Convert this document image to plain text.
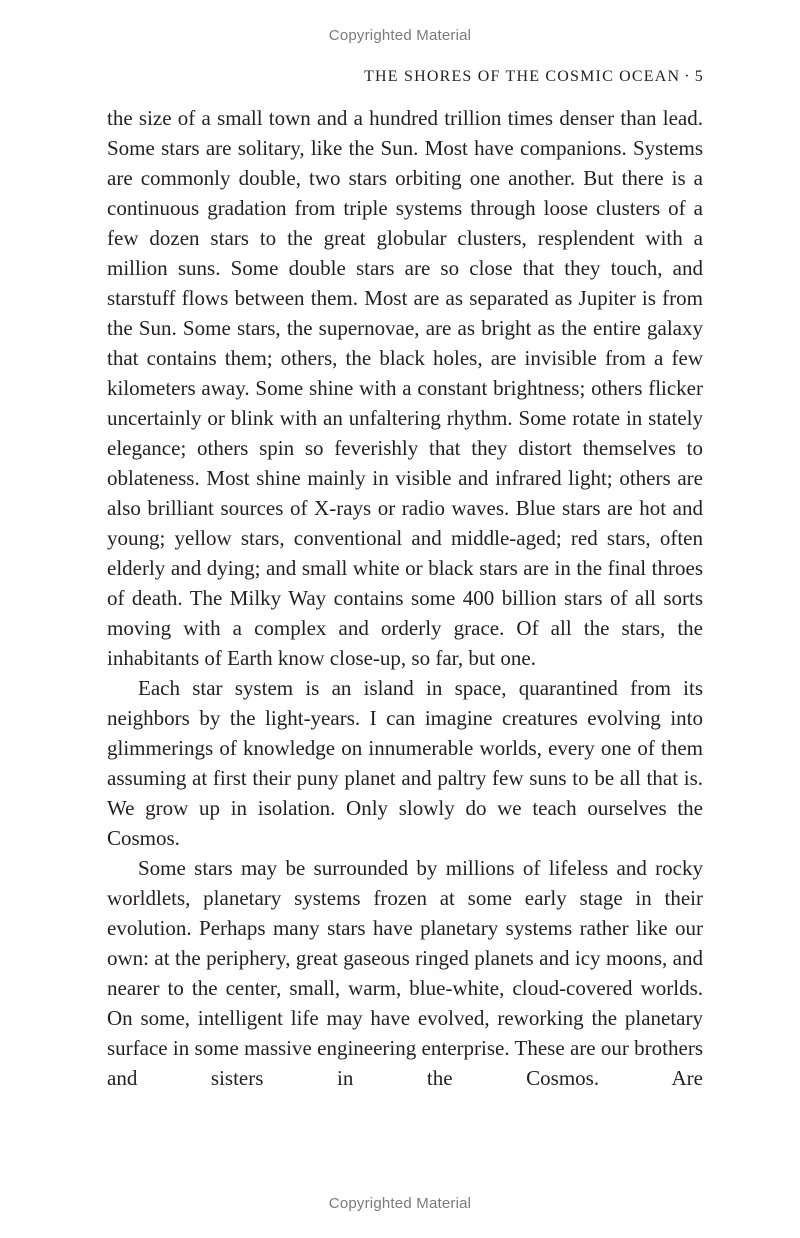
Copyrighted Material
THE SHORES OF THE COSMIC OCEAN · 5

the size of a small town and a hundred trillion times denser than lead. Some stars are solitary, like the Sun. Most have companions. Systems are commonly double, two stars orbiting one another. But there is a continuous gradation from triple systems through loose clusters of a few dozen stars to the great globular clusters, resplendent with a million suns. Some double stars are so close that they touch, and starstuff flows between them. Most are as separated as Jupiter is from the Sun. Some stars, the supernovae, are as bright as the entire galaxy that contains them; others, the black holes, are invisible from a few kilometers away. Some shine with a constant brightness; others flicker uncertainly or blink with an unfaltering rhythm. Some rotate in stately elegance; others spin so feverishly that they distort themselves to oblateness. Most shine mainly in visible and infrared light; others are also brilliant sources of X-rays or radio waves. Blue stars are hot and young; yellow stars, conventional and middle-aged; red stars, often elderly and dying; and small white or black stars are in the final throes of death. The Milky Way contains some 400 billion stars of all sorts moving with a complex and orderly grace. Of all the stars, the inhabitants of Earth know close-up, so far, but one.

Each star system is an island in space, quarantined from its neighbors by the light-years. I can imagine creatures evolving into glimmerings of knowledge on innumerable worlds, every one of them assuming at first their puny planet and paltry few suns to be all that is. We grow up in isolation. Only slowly do we teach ourselves the Cosmos.

Some stars may be surrounded by millions of lifeless and rocky worldlets, planetary systems frozen at some early stage in their evolution. Perhaps many stars have planetary systems rather like our own: at the periphery, great gaseous ringed planets and icy moons, and nearer to the center, small, warm, blue-white, cloud-covered worlds. On some, intelligent life may have evolved, reworking the planetary surface in some massive engineering enterprise. These are our brothers and sisters in the Cosmos. Are

Copyrighted Material
